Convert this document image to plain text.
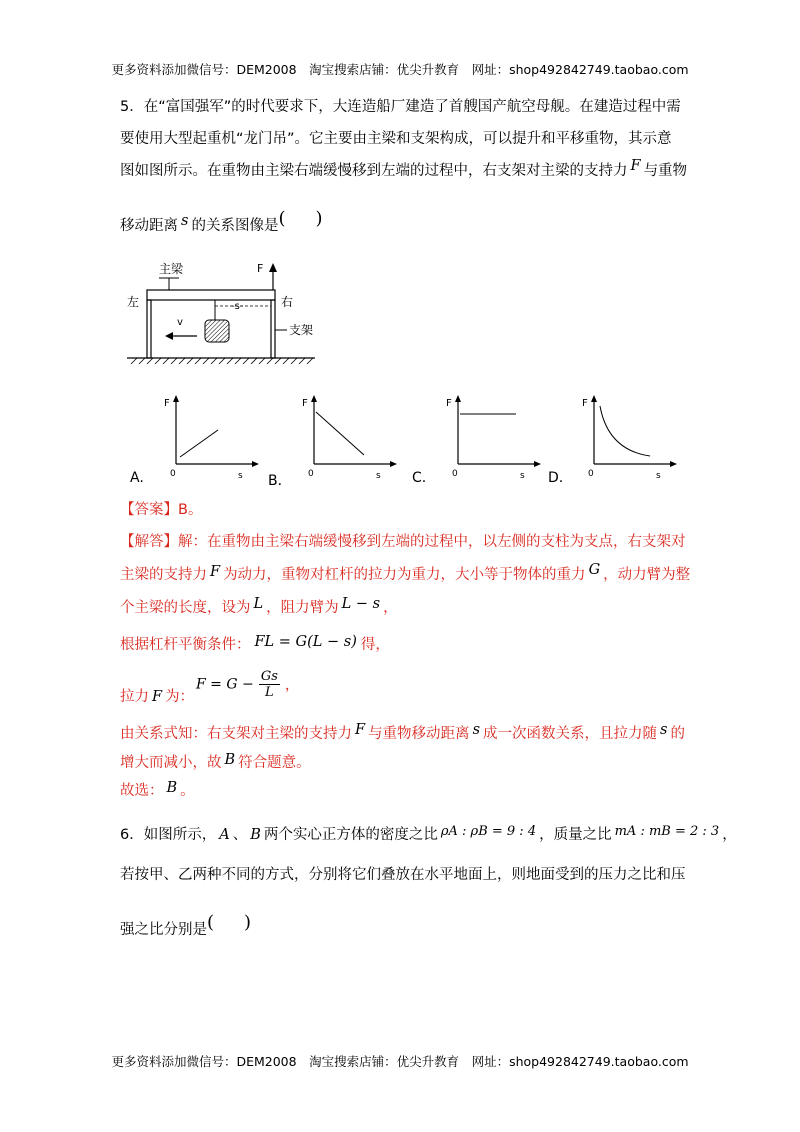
更多资料添加微信号：DEM2008　淘宝搜索店铺：优尖升教育　网址：shop492842749.taobao.com
5．在“富国强军”的时代要求下，大连造船厂建造了首艘国产航空母舰。在建造过程中需
要使用大型起重机“龙门吊”。它主要由主梁和支架构成，可以提升和平移重物，其示意
图如图所示。在重物由主梁右端缓慢移到左端的过程中，右支架对主梁的支持力 F 与重物
移动距离 s 的关系图像是( )
主梁	F
左	右
-s-
v
支架
A.
F
s
0	B．
F
s
0	C.
F
s
0	D.
F
s
0
【答案】B。
【解答】解：在重物由主梁右端缓慢移到左端的过程中，以左侧的支柱为支点，右支架对
主梁的支持力 F 为动力，重物对杠杆的拉力为重力，大小等于物体的重力 G ，动力臂为整
个主梁的长度，设为 L ，阻力臂为 L − s ，
根据杠杆平衡条件： FL = G(L − s) 得，
拉力 F 为：
$F = G - \frac{Gs}{L}$ ，
由关系式知：右支架对主梁的支持力 F 与重物移动距离 s 成一次函数关系，且拉力随 s 的
增大而减小，故 B 符合题意。
故选： B 。
6．如图所示， A 、 B 两个实心正方体的密度之比 ρA : ρB = 9 : 4 ，质量之比 mA : mB = 2 : 3 ，
若按甲、乙两种不同的方式，分别将它们叠放在水平地面上，则地面受到的压力之比和压
强之比分别是( )
更多资料添加微信号：DEM2008　淘宝搜索店铺：优尖升教育　网址：shop492842749.taobao.com
